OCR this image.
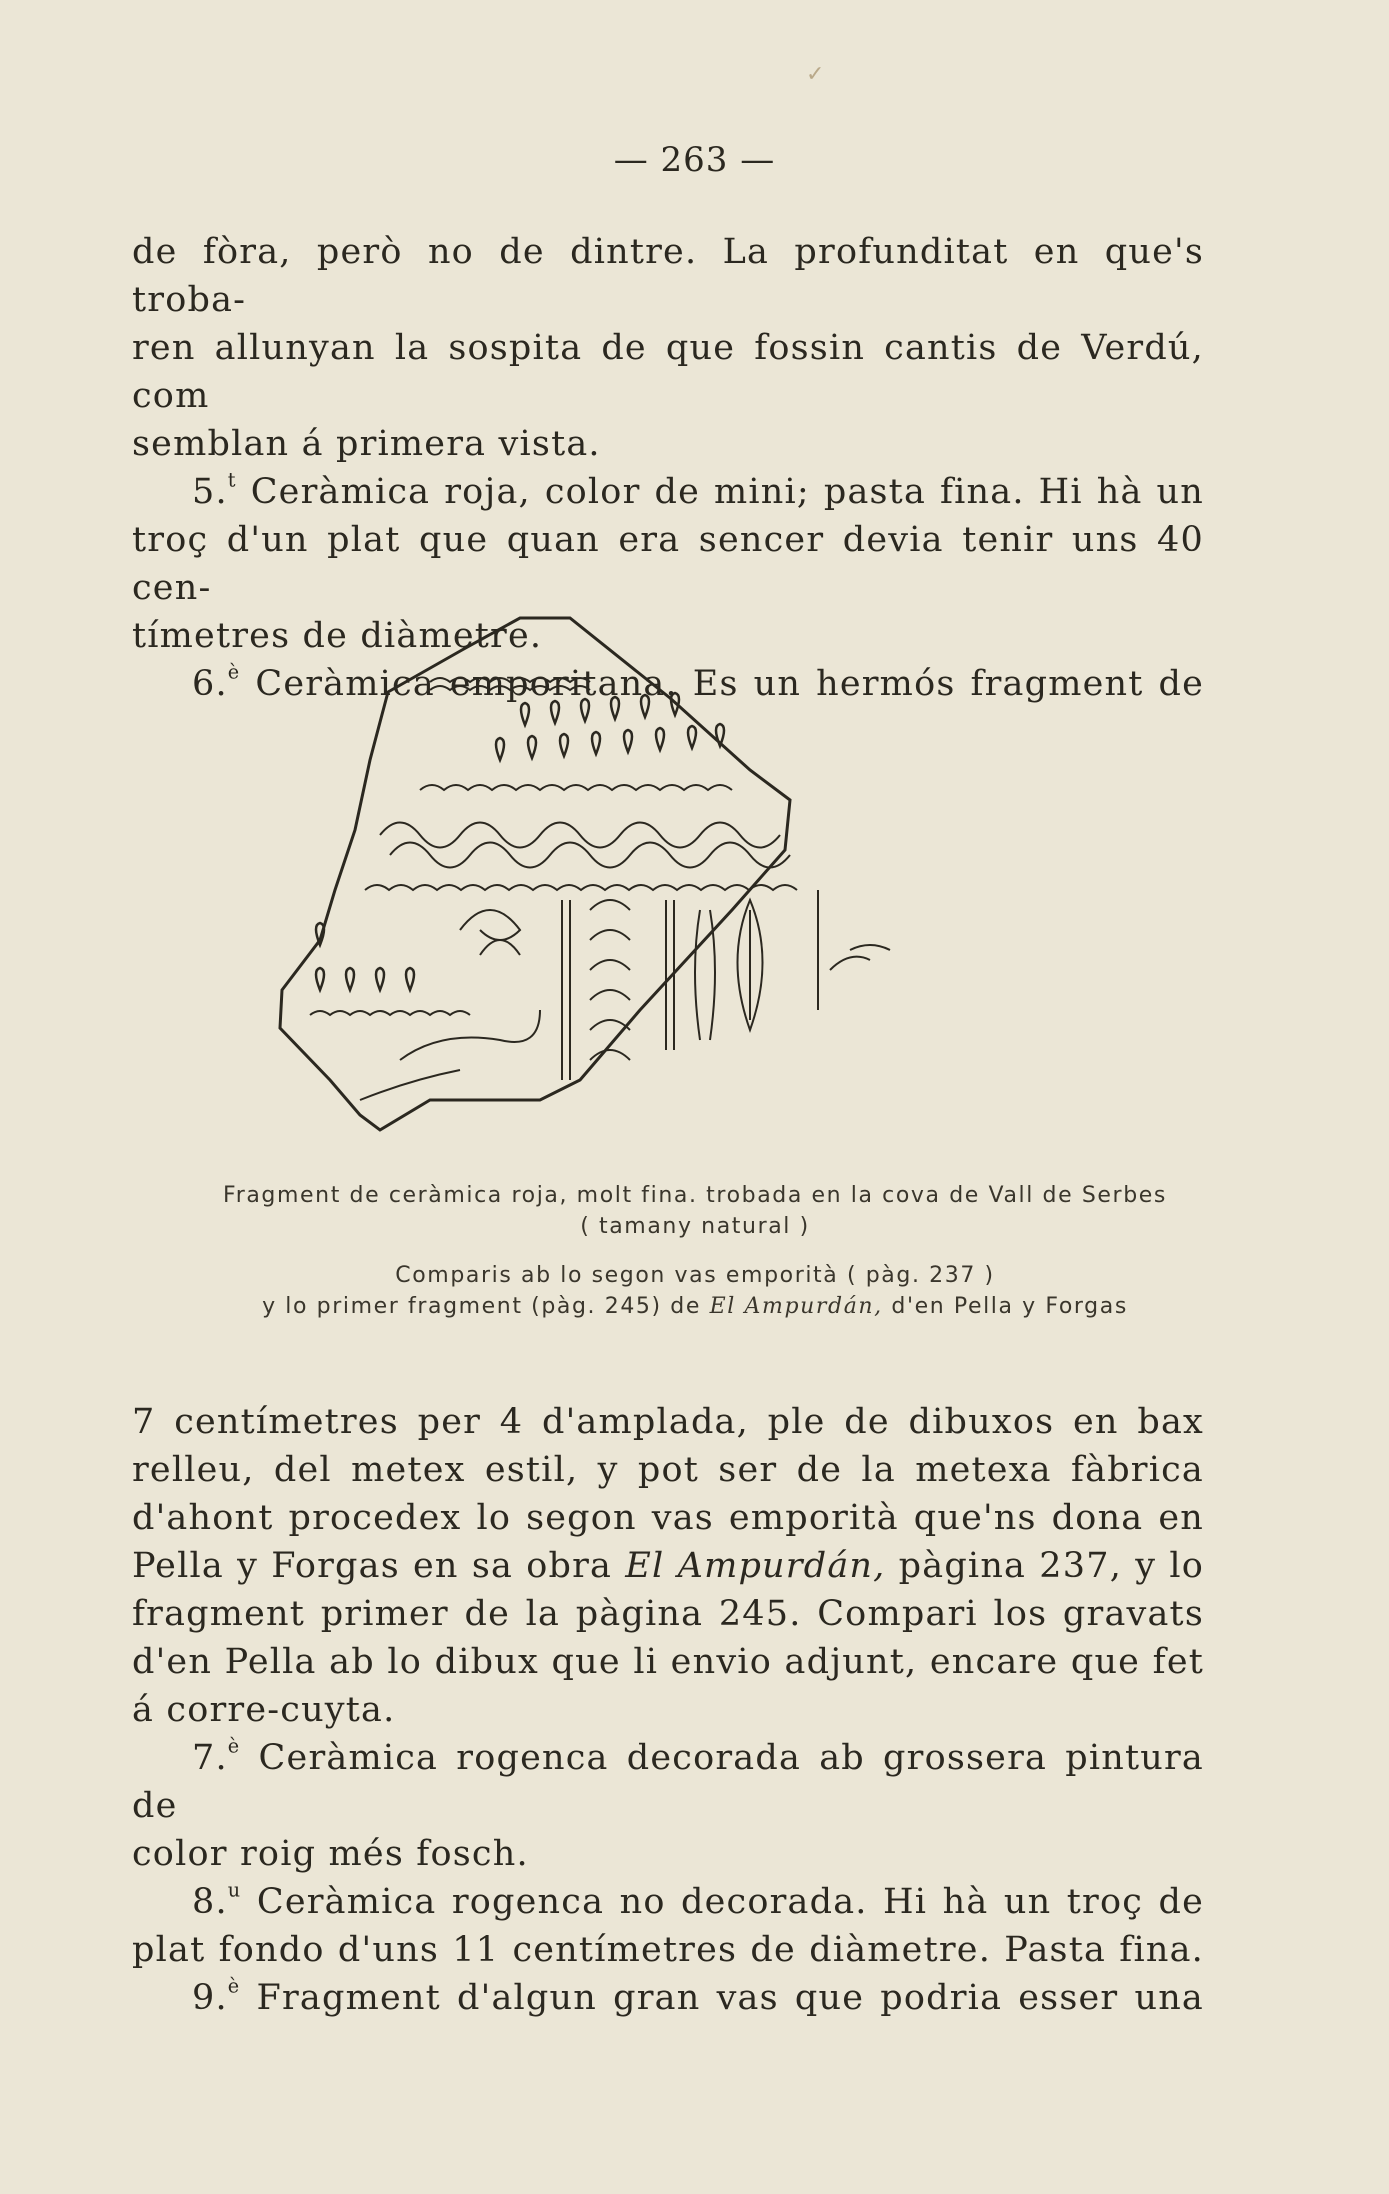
✓
— 263 —

de fòra, però no de dintre. La profunditat en que's troba-

ren allunyan la sospita de que fossin cantis de Verdú, com

semblan á primera vista.

5.$^t$ Ceràmica roja, color de mini; pasta fina. Hi hà un

troç d'un plat que quan era sencer devia tenir uns 40 cen-

tímetres de diàmetre.

6.$^è$ Ceràmica emporitana. Es un hermós fragment de

Fragment de ceràmica roja, molt fina. trobada en la cova de Vall de Serbes
( tamany natural )
Comparis ab lo segon vas emporità ( pàg. 237 )
y lo primer fragment (pàg. 245) de El Ampurdán, d'en Pella y Forgas

7 centímetres per 4 d'amplada, ple de dibuxos en bax

relleu, del metex estil, y pot ser de la metexa fàbrica

d'ahont procedex lo segon vas emporità que'ns dona en

Pella y Forgas en sa obra El Ampurdán, pàgina 237, y lo

fragment primer de la pàgina 245. Compari los gravats

d'en Pella ab lo dibux que li envio adjunt, encare que fet

á corre-cuyta.

7.$^è$ Ceràmica rogenca decorada ab grossera pintura de

color roig més fosch.

8.$^u$ Ceràmica rogenca no decorada. Hi hà un troç de

plat fondo d'uns 11 centímetres de diàmetre. Pasta fina.

9.$^è$ Fragment d'algun gran vas que podria esser una
